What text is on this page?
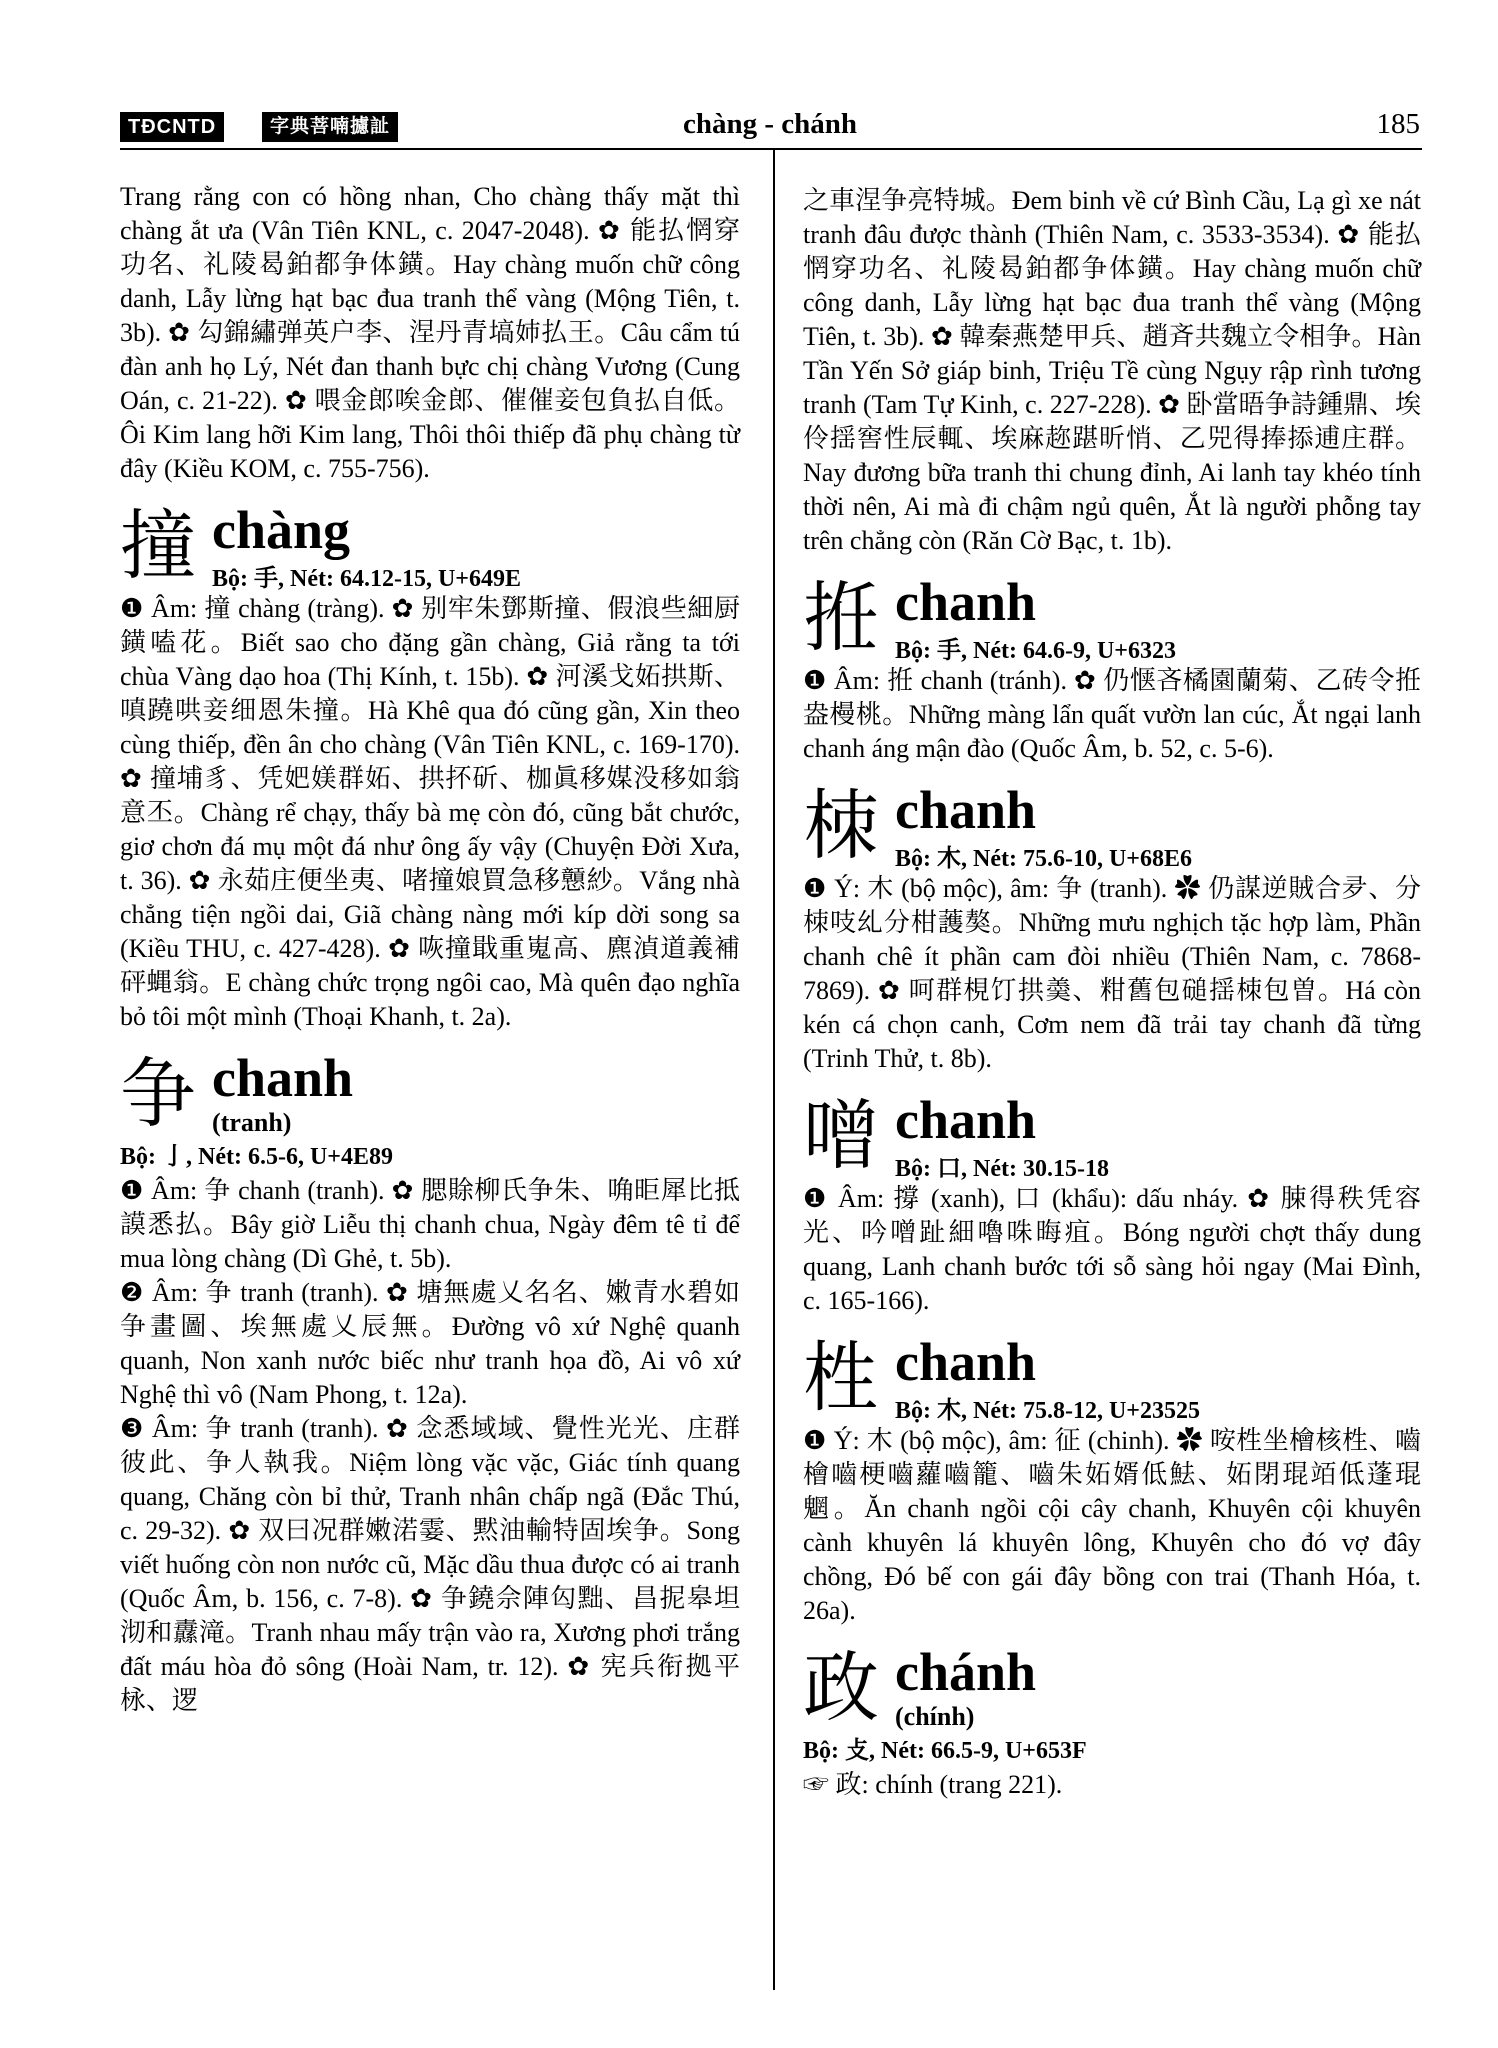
TĐCNTD	字典菩喃攄訨	chàng - chánh	185

Trang rằng con có hồng nhan, Cho chàng thấy mặt thì chàng ắt ưa (Vân Tiên KNL, c. 2047-2048). ✿ 能払惘穿功名、礼陵曷鉑都争体鐄。Hay chàng muốn chữ công danh, Lẫy lừng hạt bạc đua tranh thể vàng (Mộng Tiên, t. 3b). ✿ 勾錦繡弹英户李、涅丹青塙姉払王。Câu cẩm tú đàn anh họ Lý, Nét đan thanh bực chị chàng Vương (Cung Oán, c. 21-22). ✿ 喂金郎唉金郎、催催妾包負払自低。Ôi Kim lang hỡi Kim lang, Thôi thôi thiếp đã phụ chàng từ đây (Kiều KOM, c. 755-756).

撞 chàng

Bộ: 手, Nét: 64.12-15, U+649E

❶ Âm: 撞 chàng (tràng). ✿ 别牢朱鄧斯撞、假浪些細厨鐄嗑花。Biết sao cho đặng gần chàng, Giả rằng ta tới chùa Vàng dạo hoa (Thị Kính, t. 15b). ✿ 河溪戈妬拱斯、嗔蹺哄妾细恩朱撞。Hà Khê qua đó cũng gần, Xin theo cùng thiếp, đền ân cho chàng (Vân Tiên KNL, c. 169-170). ✿ 撞埔豸、凭妑媄群妬、拱抔斫、枷眞移媒没移如翁意丕。Chàng rể chạy, thấy bà mẹ còn đó, cũng bắt chước, giơ chơn đá mụ một đá như ông ấy vậy (Chuyện Đời Xưa, t. 36). ✿ 永茹庄便坐夷、啫撞娘買急移戅紗。Vắng nhà chẳng tiện ngồi dai, Giã chàng nàng mới kíp dời song sa (Kiều THU, c. 427-428). ✿ 咴撞戢重嵬高、麃湞道義補砰蝿翁。E chàng chức trọng ngôi cao, Mà quên đạo nghĩa bỏ tôi một mình (Thoại Khanh, t. 2a).

争 chanh
(tranh)

Bộ: 亅, Nét: 6.5-6, U+4E89

❶ Âm: 争 chanh (tranh). ✿ 腮賖柳氏争朱、唃昛犀比抵謨悉払。Bây giờ Liễu thị chanh chua, Ngày đêm tê tỉ để mua lòng chàng (Dì Ghẻ, t. 5b).

❷ Âm: 争 tranh (tranh). ✿ 塘無處乂名名、嫩青水碧如争畫圖、埃無處乂辰無。Đường vô xứ Nghệ quanh quanh, Non xanh nước biếc như tranh họa đồ, Ai vô xứ Nghệ thì vô (Nam Phong, t. 12a).

❸ Âm: 争 tranh (tranh). ✿ 念悉域域、覺性光光、庄群彼此、争人執我。Niệm lòng vặc vặc, Giác tính quang quang, Chăng còn bỉ thử, Tranh nhân chấp ngã (Đắc Thú, c. 29-32). ✿ 双曰况群嫩渃霎、黙油輸特固埃争。Song viết huống còn non nước cũ, Mặc dầu thua được có ai tranh (Quốc Âm, b. 156, c. 7-8). ✿ 争鐃佘陣匃黜、昌抳皋坦沏和纛滝。Tranh nhau mấy trận vào ra, Xương phơi trắng đất máu hòa đỏ sông (Hoài Nam, tr. 12). ✿ 宪兵衔拠平栐、逻

之車涅争亮特城。Đem binh về cứ Bình Cầu, Lạ gì xe nát tranh đâu được thành (Thiên Nam, c. 3533-3534). ✿ 能払惘穿功名、礼陵曷鉑都争体鐄。Hay chàng muốn chữ công danh, Lẫy lừng hạt bạc đua tranh thể vàng (Mộng Tiên, t. 3b). ✿ 韓秦燕楚甲兵、趙斉共魏立令相争。Hàn Tần Yến Sở giáp binh, Triệu Tề cùng Ngụy rập rình tương tranh (Tam Tự Kinh, c. 227-228). ✿ 卧當晤争詩鍾鼎、埃伶揺窖性辰輒、埃麻趂踸昕悄、乙兕得捧掭逋庄群。Nay đương bữa tranh thi chung đỉnh, Ai lanh tay khéo tính thời nên, Ai mà đi chậm ngủ quên, Ắt là người phỗng tay trên chẳng còn (Răn Cờ Bạc, t. 1b).

拰 chanh

Bộ: 手, Nét: 64.6-9, U+6323

❶ Âm: 拰 chanh (tránh). ✿ 仍惬吝橘園蘭菊、乙砖令拰盎槾桃。Những màng lẩn quất vườn lan cúc, Ắt ngại lanh chanh áng mận đào (Quốc Âm, b. 52, c. 5-6).

栜 chanh

Bộ: 木, Nét: 75.6-10, U+68E6

❶ Ý: 木 (bộ mộc), âm: 争 (tranh). ✿ 仍謀逆賊合夛、分栜吱乣分柑䕶獒。Những mưu nghịch tặc hợp làm, Phần chanh chê ít phần cam đòi nhiều (Thiên Nam, c. 7868-7869). ✿ 呵群梘饤拱羮、粓舊包磓揺栜包曽。Há còn kén cá chọn canh, Cơm nem đã trải tay chanh đã từng (Trinh Thử, t. 8b).

噌 chanh

Bộ: 口, Nét: 30.15-18

❶ Âm: 撐 (xanh), 口 (khẩu): dấu nháy. ✿ 脨得秩凭容光、吟噌趾細嚕咮晦疽。Bóng người chợt thấy dung quang, Lanh chanh bước tới sỗ sàng hỏi ngay (Mai Đình, c. 165-166).

栍 chanh

Bộ: 木, Nét: 75.8-12, U+23525

❶ Ý: 木 (bộ mộc), âm: 征 (chinh). ✿ 咹栍坐檜核栍、嚙檜嚙梗嚙蘿嚙籠、嚙朱妬婿低魼、妬閉琨竡低蓬琨魍。Ăn chanh ngồi cội cây chanh, Khuyên cội khuyên cành khuyên lá khuyên lông, Khuyên cho đó vợ đây chồng, Đó bế con gái đây bồng con trai (Thanh Hóa, t. 26a).

政 chánh
(chính)

Bộ: 攴, Nét: 66.5-9, U+653F

☞ 政: chính (trang 221).
